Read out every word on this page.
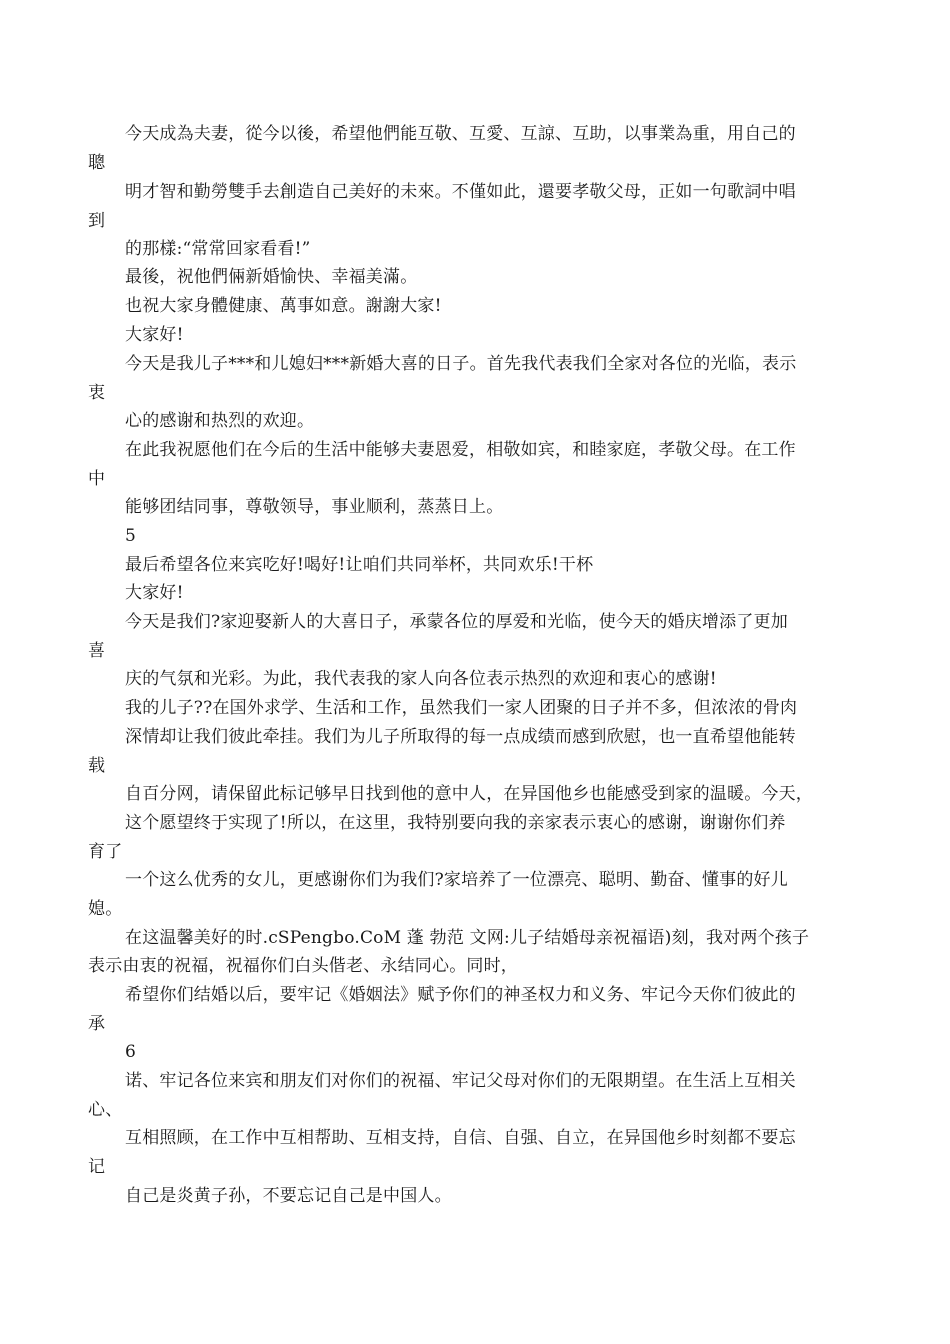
今天成為夫妻，從今以後，希望他們能互敬、互愛、互諒、互助，以事業為重，用自己的
聰
明才智和勤勞雙手去創造自己美好的未來。不僅如此，還要孝敬父母，正如一句歌詞中唱
到
的那樣:“常常回家看看!”
最後，祝他們倆新婚愉快、幸福美滿。
也祝大家身體健康、萬事如意。謝謝大家!
大家好!
今天是我儿子***和儿媳妇***新婚大喜的日子。首先我代表我们全家对各位的光临，表示
衷
心的感谢和热烈的欢迎。
在此我祝愿他们在今后的生活中能够夫妻恩爱，相敬如宾，和睦家庭，孝敬父母。在工作
中
能够团结同事，尊敬领导，事业顺利，蒸蒸日上。
5
最后希望各位来宾吃好!喝好!让咱们共同举杯，共同欢乐!干杯
大家好!
今天是我们?家迎娶新人的大喜日子，承蒙各位的厚爱和光临，使今天的婚庆增添了更加
喜
庆的气氛和光彩。为此，我代表我的家人向各位表示热烈的欢迎和衷心的感谢!
我的儿子??在国外求学、生活和工作，虽然我们一家人团聚的日子并不多，但浓浓的骨肉
深情却让我们彼此牵挂。我们为儿子所取得的每一点成绩而感到欣慰，也一直希望他能转
载
自百分网，请保留此标记够早日找到他的意中人，在异国他乡也能感受到家的温暖。今天，
这个愿望终于实现了!所以，在这里，我特别要向我的亲家表示衷心的感谢，谢谢你们养
育了
一个这么优秀的女儿，更感谢你们为我们?家培养了一位漂亮、聪明、勤奋、懂事的好儿
媳。
在这温馨美好的时.cSPengbo.CoM 蓬 勃范 文网:儿子结婚母亲祝福语)刻，我对两个孩子
表示由衷的祝福，祝福你们白头偕老、永结同心。同时，
希望你们结婚以后，要牢记《婚姻法》赋予你们的神圣权力和义务、牢记今天你们彼此的
承
6
诺、牢记各位来宾和朋友们对你们的祝福、牢记父母对你们的无限期望。在生活上互相关
心、
互相照顾，在工作中互相帮助、互相支持，自信、自强、自立，在异国他乡时刻都不要忘
记
自己是炎黄子孙，不要忘记自己是中国人。
